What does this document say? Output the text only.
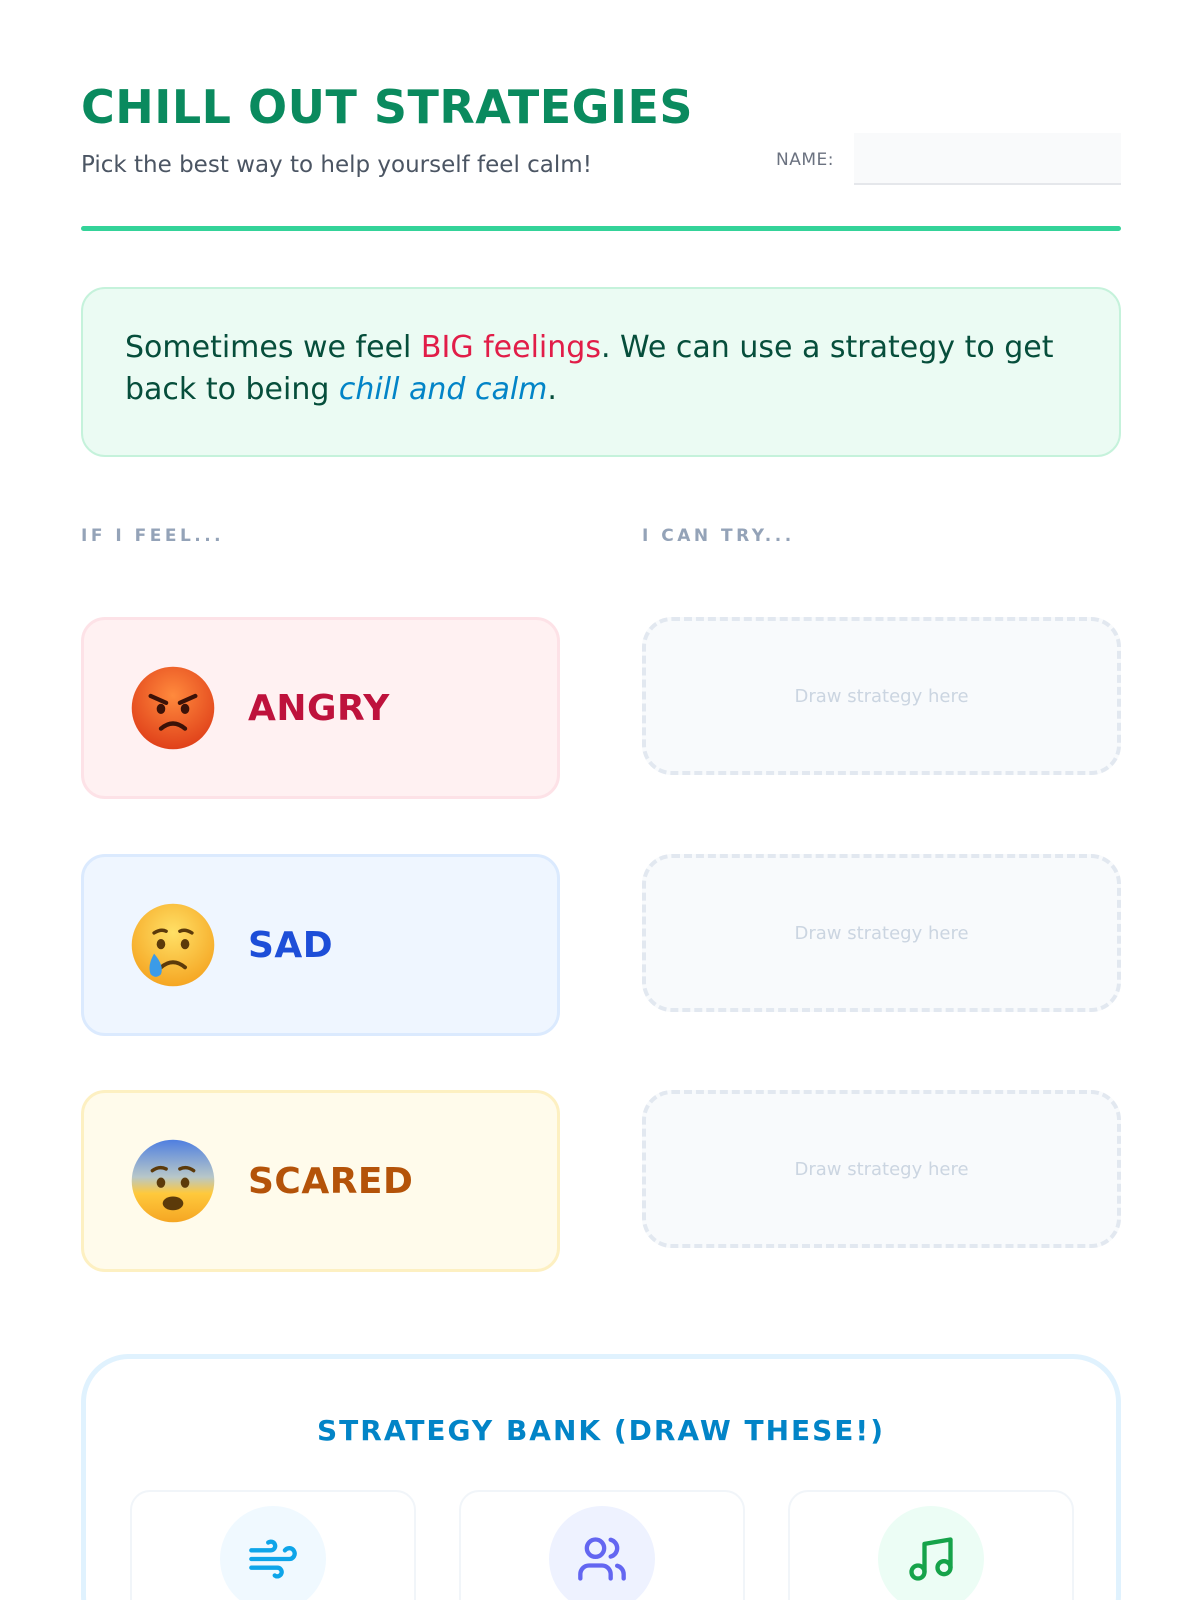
CHILL OUT STRATEGIES
Pick the best way to help yourself feel calm!	NAME:

Sometimes we feel BIG feelings. We can use a strategy to get back to being chill and calm.

IF I FEEL...	I CAN TRY...
ANGRY
SAD
SCARED
Draw strategy here
Draw strategy here
Draw strategy here
STRATEGY BANK (DRAW THESE!)
